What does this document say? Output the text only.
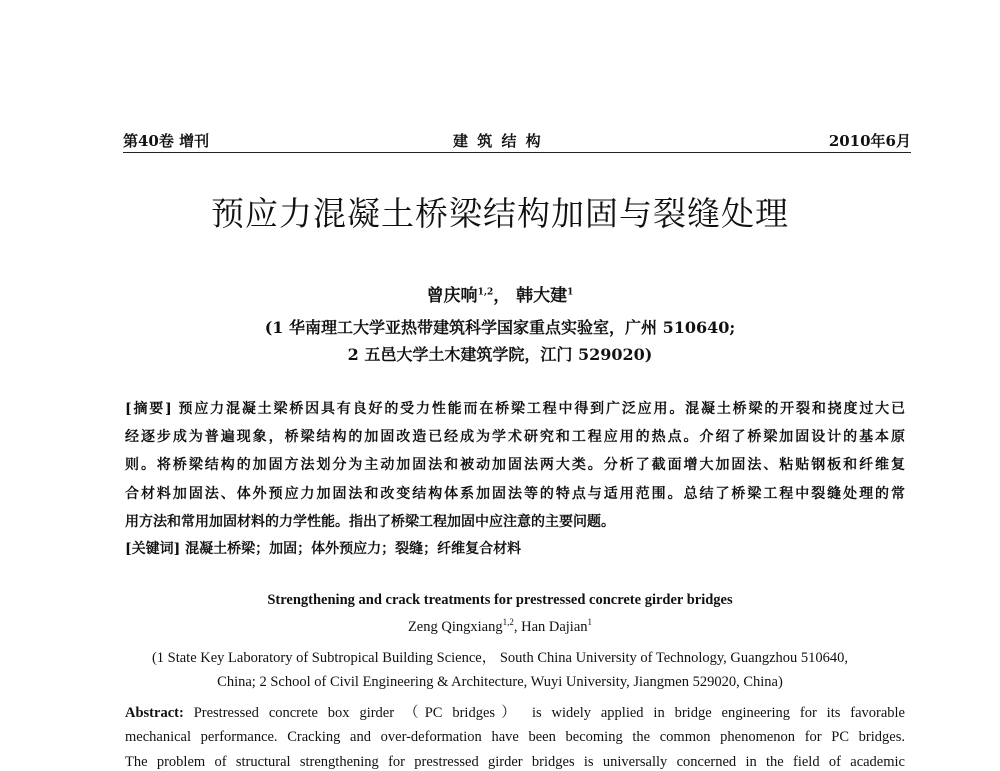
第40卷 增刊	建 筑 结 构	2010年6月
预应力混凝土桥梁结构加固与裂缝处理
曾庆响$^{1,2}$， 韩大建$^1$
(1 华南理工大学亚热带建筑科学国家重点实验室，广州 510640;
2 五邑大学土木建筑学院，江门 529020)
[摘要] 预应力混凝土梁桥因具有良好的受力性能而在桥梁工程中得到广泛应用。混凝土桥梁的开裂和挠度过大已
经逐步成为普遍现象，桥梁结构的加固改造已经成为学术研究和工程应用的热点。介绍了桥梁加固设计的基本原
则。将桥梁结构的加固方法划分为主动加固法和被动加固法两大类。分析了截面增大加固法、粘贴钢板和纤维复
合材料加固法、体外预应力加固法和改变结构体系加固法等的特点与适用范围。总结了桥梁工程中裂缝处理的常
用方法和常用加固材料的力学性能。指出了桥梁工程加固中应注意的主要问题。
[关键词] 混凝土桥梁；加固；体外预应力；裂缝；纤维复合材料
Strengthening and crack treatments for prestressed concrete girder bridges
Zeng Qingxiang$^{1,2}$, Han Dajian$^1$
(1 State Key Laboratory of Subtropical Building Science， South China University of Technology, Guangzhou 510640,
China; 2 School of Civil Engineering & Architecture, Wuyi University, Jiangmen 529020, China)
Abstract: Prestressed concrete box girder （PC bridges） is widely applied in bridge engineering for its favorable
mechanical performance. Cracking and over-deformation have been becoming the common phenomenon for PC bridges.
The problem of structural strengthening for prestressed girder bridges is universally concerned in the field of academic
